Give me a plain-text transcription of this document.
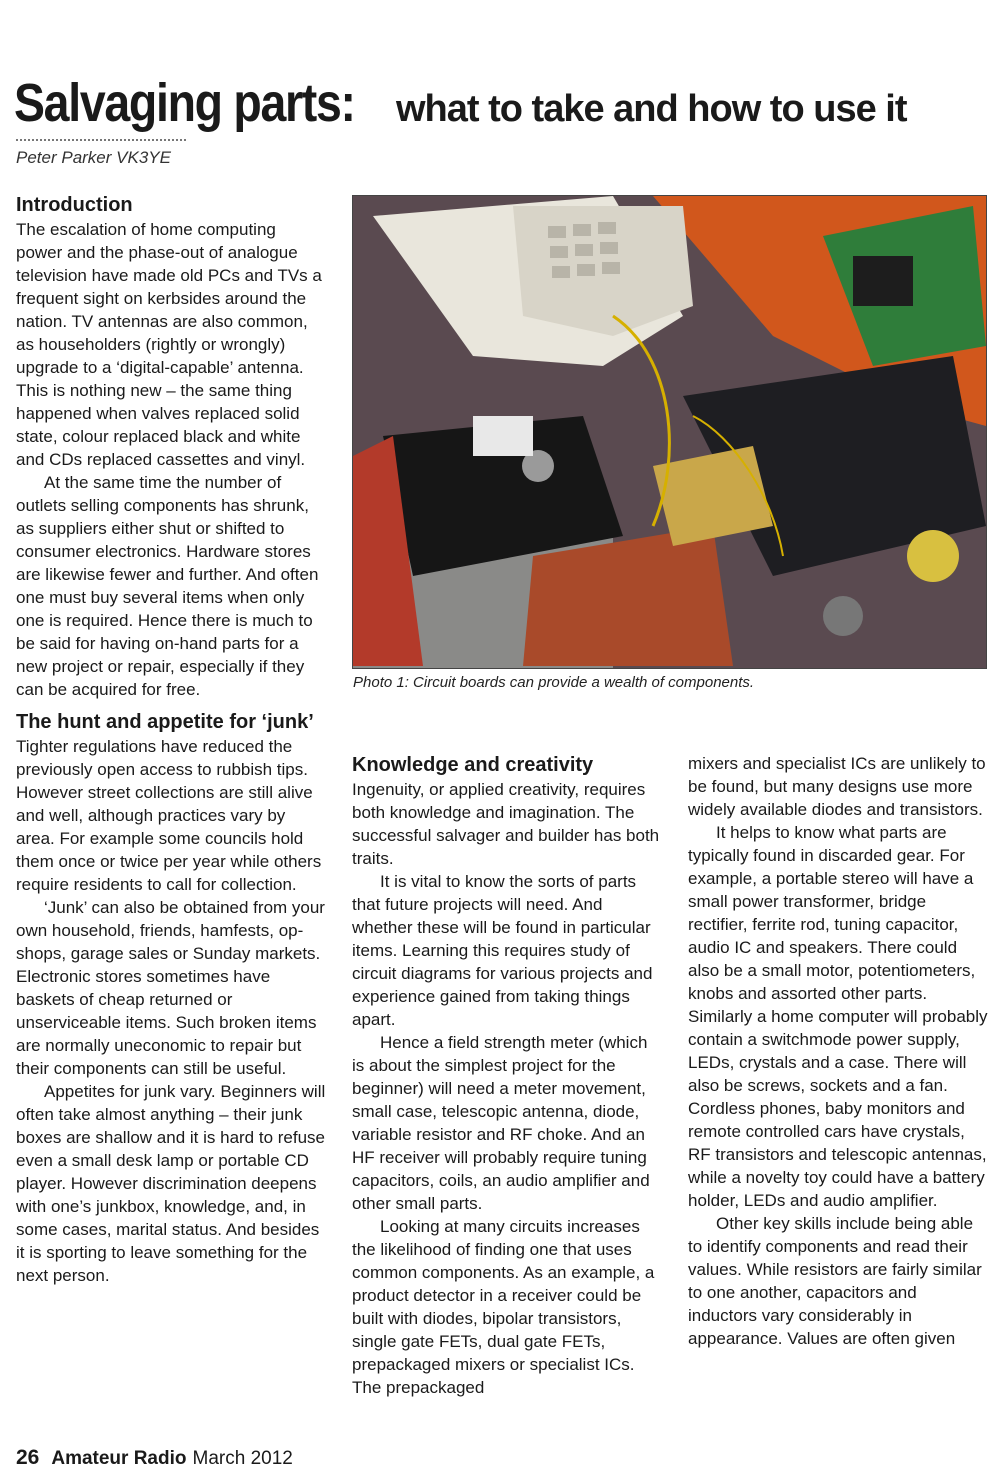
Salvaging parts:	what to take and how to use it
Peter Parker VK3YE
Introduction

The escalation of home computing power and the phase-out of analogue television have made old PCs and TVs a frequent sight on kerbsides around the nation. TV antennas are also common, as householders (rightly or wrongly) upgrade to a ‘digital-capable’ antenna. This is nothing new – the same thing happened when valves replaced solid state, colour replaced black and white and CDs replaced cassettes and vinyl.

At the same time the number of outlets selling components has shrunk, as suppliers either shut or shifted to consumer electronics. Hardware stores are likewise fewer and further. And often one must buy several items when only one is required. Hence there is much to be said for having on-hand parts for a new project or repair, especially if they can be acquired for free.

The hunt and appetite for ‘junk’

Tighter regulations have reduced the previously open access to rubbish tips. However street collections are still alive and well, although practices vary by area. For example some councils hold them once or twice per year while others require residents to call for collection.

‘Junk’ can also be obtained from your own household, friends, hamfests, op-shops, garage sales or Sunday markets. Electronic stores sometimes have baskets of cheap returned or unserviceable items. Such broken items are normally uneconomic to repair but their components can still be useful.

Appetites for junk vary. Beginners will often take almost anything – their junk boxes are shallow and it is hard to refuse even a small desk lamp or portable CD player. However discrimination deepens with one’s junkbox, knowledge, and, in some cases, marital status. And besides it is sporting to leave something for the next person.

Photo 1: Circuit boards can provide a wealth of components.
Knowledge and creativity

Ingenuity, or applied creativity, requires both knowledge and imagination. The successful salvager and builder has both traits.

It is vital to know the sorts of parts that future projects will need. And whether these will be found in particular items. Learning this requires study of circuit diagrams for various projects and experience gained from taking things apart.

Hence a field strength meter (which is about the simplest project for the beginner) will need a meter movement, small case, telescopic antenna, diode, variable resistor and RF choke. And an HF receiver will probably require tuning capacitors, coils, an audio amplifier and other small parts.

Looking at many circuits increases the likelihood of finding one that uses common components. As an example, a product detector in a receiver could be built with diodes, bipolar transistors, single gate FETs, dual gate FETs, prepackaged mixers or specialist ICs. The prepackaged

mixers and specialist ICs are unlikely to be found, but many designs use more widely available diodes and transistors.

It helps to know what parts are typically found in discarded gear. For example, a portable stereo will have a small power transformer, bridge rectifier, ferrite rod, tuning capacitor, audio IC and speakers. There could also be a small motor, potentiometers, knobs and assorted other parts. Similarly a home computer will probably contain a switchmode power supply, LEDs, crystals and a case. There will also be screws, sockets and a fan. Cordless phones, baby monitors and remote controlled cars have crystals, RF transistors and telescopic antennas, while a novelty toy could have a battery holder, LEDs and audio amplifier.

Other key skills include being able to identify components and read their values. While resistors are fairly similar to one another, capacitors and inductors vary considerably in appearance. Values are often given

26 Amateur Radio March 2012
